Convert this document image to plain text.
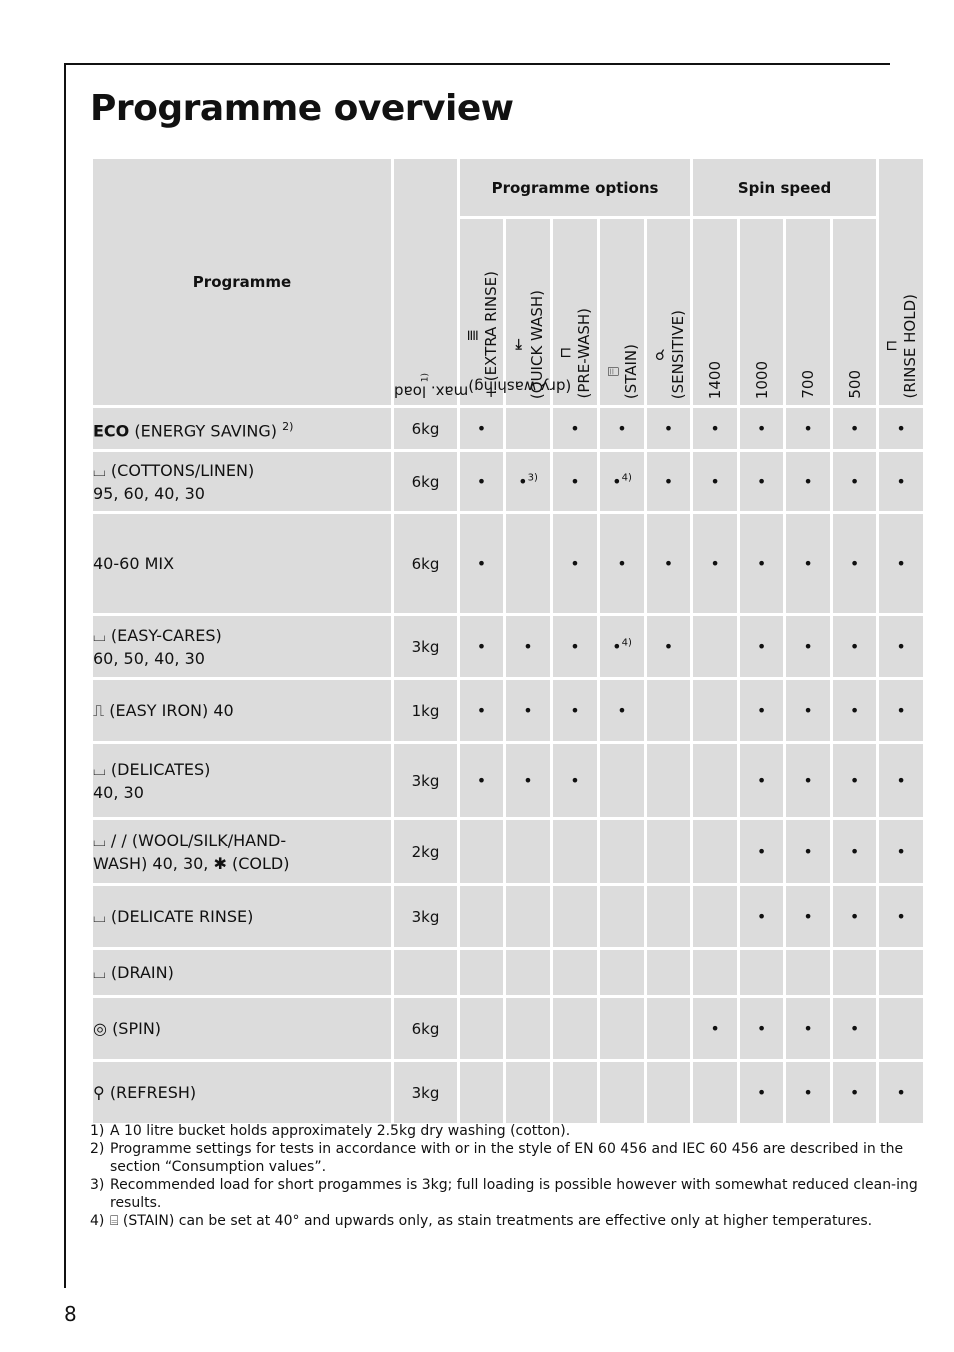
Programme overview
Programme	max. load$^{1)}$ (dry washing)	Programme options					Spin speed				⊔ (RINSE HOLD)

		≣ + (EXTRA RINSE)	⇥ (QUICK WASH)	⊔ (PRE-WASH)	⌸ (STAIN)	☌ (SENSITIVE)	1400	1000	700	500	

ECO (ENERGY SAVING) $^{2)}$	6kg	•		•	•	•	•	•	•	•	•
⌴ (COTTONS/LINEN)
95, 60, 40, 30	6kg	•	•$^{3)}$	•	•$^{4)}$	•	•	•	•	•	•
40-60 MIX	6kg	•		•	•	•	•	•	•	•	•
⌴ (EASY-CARES)
60, 50, 40, 30	3kg	•	•	•	•$^{4)}$	•		•	•	•	•
⎍ (EASY IRON) 40	1kg	•	•	•	•			•	•	•	•
⌴ (DELICATES)
40, 30	3kg	•	•	•				•	•	•	•
⌴ / / (WOOL/SILK/HAND-
WASH) 40, 30, ✱ (COLD)	2kg							•	•	•	•
⌴ (DELICATE RINSE)	3kg							•	•	•	•
⌴ (DRAIN)											
◎ (SPIN)	6kg						•	•	•	•	
⚲ (REFRESH)	3kg							•	•	•	•
1) A 10 litre bucket holds approximately 2.5kg dry washing (cotton).
2) Programme settings for tests in accordance with or in the style of EN 60 456 and IEC 60 456 are described in the section “Consumption values”.
3) Recommended load for short progammes is 3kg; full loading is possible however with somewhat reduced clean-ing results.
4) ⌸ (STAIN) can be set at 40° and upwards only, as stain treatments are effective only at higher temperatures.
8
